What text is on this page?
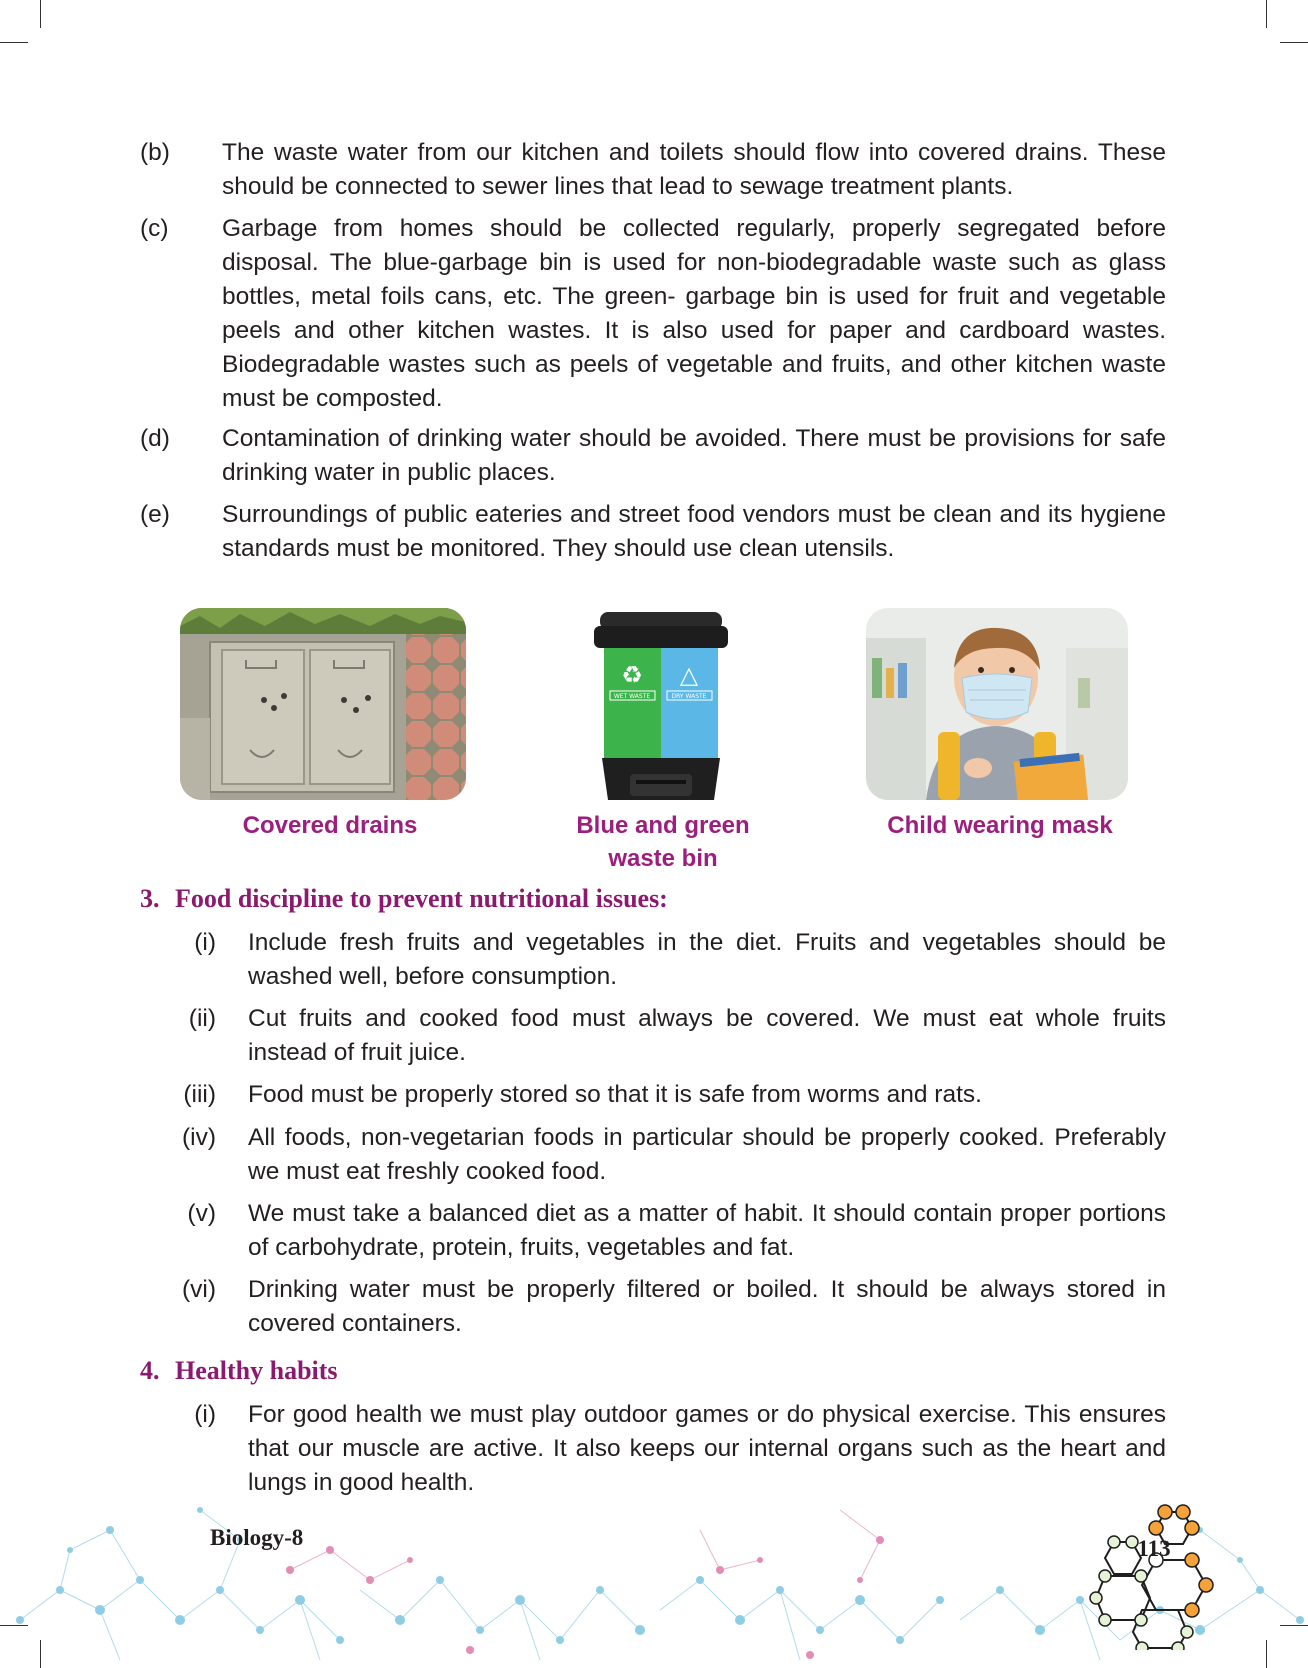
(b) The waste water from our kitchen and toilets should flow into covered drains. These should be connected to sewer lines that lead to sewage treatment plants.
(c) Garbage from homes should be collected regularly, properly segregated before disposal. The blue-garbage bin is used for non-biodegradable waste such as glass bottles, metal foils cans, etc. The green- garbage bin is used for fruit and vegetable peels and other kitchen wastes. It is also used for paper and cardboard wastes. Biodegradable wastes such as peels of vegetable and fruits, and other kitchen waste must be composted.
(d) Contamination of drinking water should be avoided. There must be provisions for safe drinking water in public places.
(e) Surroundings of public eateries and street food vendors must be clean and its hygiene standards must be monitored. They should use clean utensils.
Covered drains
♻ △
WET WASTE	DRY WASTE
Blue and green waste bin
Child wearing mask
3. Food discipline to prevent nutritional issues:
(i) Include fresh fruits and vegetables in the diet. Fruits and vegetables should be washed well, before consumption.
(ii) Cut fruits and cooked food must always be covered. We must eat whole fruits instead of fruit juice.
(iii) Food must be properly stored so that it is safe from worms and rats.
(iv) All foods, non-vegetarian foods in particular should be properly cooked. Preferably we must eat freshly cooked food.
(v) We must take a balanced diet as a matter of habit. It should contain proper portions of carbohydrate, protein, fruits, vegetables and fat.
(vi) Drinking water must be properly filtered or boiled. It should be always stored in covered containers.
4. Healthy habits
(i) For good health we must play outdoor games or do physical exercise. This ensures that our muscle are active. It also keeps our internal organs such as the heart and lungs in good health.
Biology-8	113
